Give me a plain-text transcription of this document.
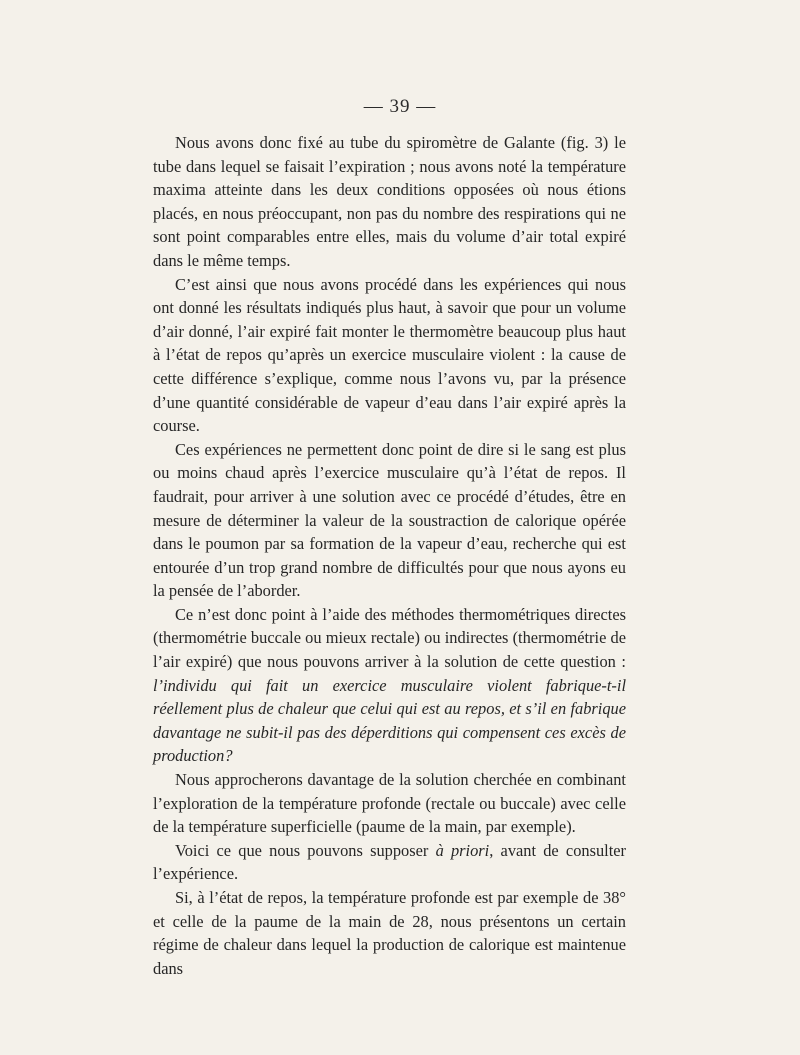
— 39 —

Nous avons donc fixé au tube du spiromètre de Galante (fig. 3) le tube dans lequel se faisait l’expiration ; nous avons noté la température maxima atteinte dans les deux conditions opposées où nous étions placés, en nous préoccupant, non pas du nombre des respirations qui ne sont point comparables entre elles, mais du volume d’air total expiré dans le même temps.

C’est ainsi que nous avons procédé dans les expériences qui nous ont donné les résultats indiqués plus haut, à savoir que pour un volume d’air donné, l’air expiré fait monter le thermomètre beaucoup plus haut à l’état de repos qu’après un exercice musculaire violent : la cause de cette différence s’explique, comme nous l’avons vu, par la présence d’une quantité considérable de vapeur d’eau dans l’air expiré après la course.

Ces expériences ne permettent donc point de dire si le sang est plus ou moins chaud après l’exercice musculaire qu’à l’état de repos. Il faudrait, pour arriver à une solution avec ce procédé d’études, être en mesure de déterminer la valeur de la soustraction de calorique opérée dans le poumon par sa formation de la vapeur d’eau, recherche qui est entourée d’un trop grand nombre de difficultés pour que nous ayons eu la pensée de l’aborder.

Ce n’est donc point à l’aide des méthodes thermométriques directes (thermométrie buccale ou mieux rectale) ou indirectes (thermométrie de l’air expiré) que nous pouvons arriver à la solution de cette question : l’individu qui fait un exercice musculaire violent fabrique-t-il réellement plus de chaleur que celui qui est au repos, et s’il en fabrique davantage ne subit-il pas des déperditions qui compensent ces excès de production?

Nous approcherons davantage de la solution cherchée en combinant l’exploration de la température profonde (rectale ou buccale) avec celle de la température superficielle (paume de la main, par exemple).

Voici ce que nous pouvons supposer à priori, avant de consulter l’expérience.

Si, à l’état de repos, la température profonde est par exemple de 38° et celle de la paume de la main de 28, nous présentons un certain régime de chaleur dans lequel la production de calorique est maintenue dans
